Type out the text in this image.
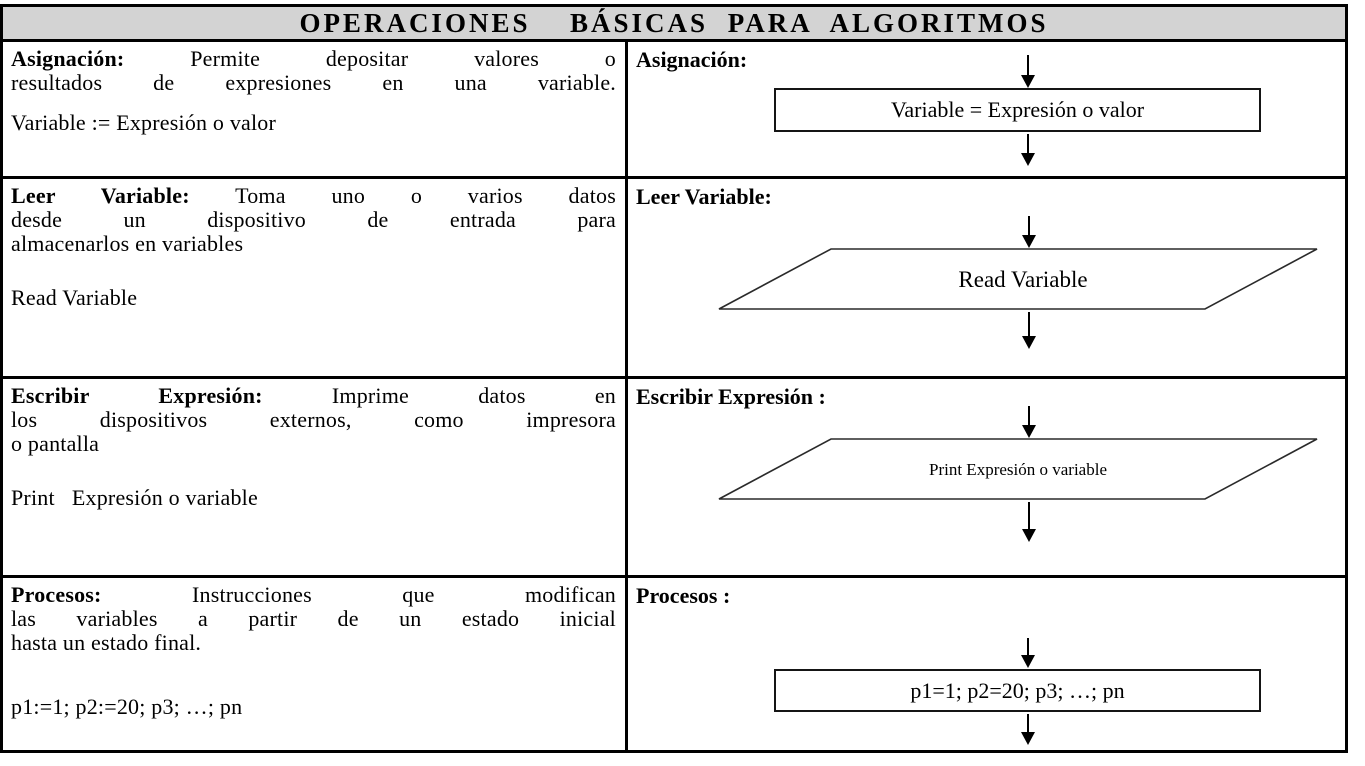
OPERACIONES  BÁSICAS PARA ALGORITMOS
Asignación: Permite depositar valores o
resultados de expresiones en una variable.
Variable := Expresión o valor
Asignación:
Variable = Expresión o valor
Leer Variable: Toma uno o varios datos
desde un dispositivo de entrada para
almacenarlos en variables
Read Variable
Leer Variable:
Read Variable
Escribir Expresión: Imprime datos en
los dispositivos externos, como impresora
o pantalla
Print   Expresión o variable
Escribir Expresión :
Print Expresión o variable
Procesos: Instrucciones que modifican
las variables a partir de un estado inicial
hasta un estado final.
p1:=1; p2:=20; p3; …; pn
Procesos :
p1=1; p2=20; p3; …; pn
